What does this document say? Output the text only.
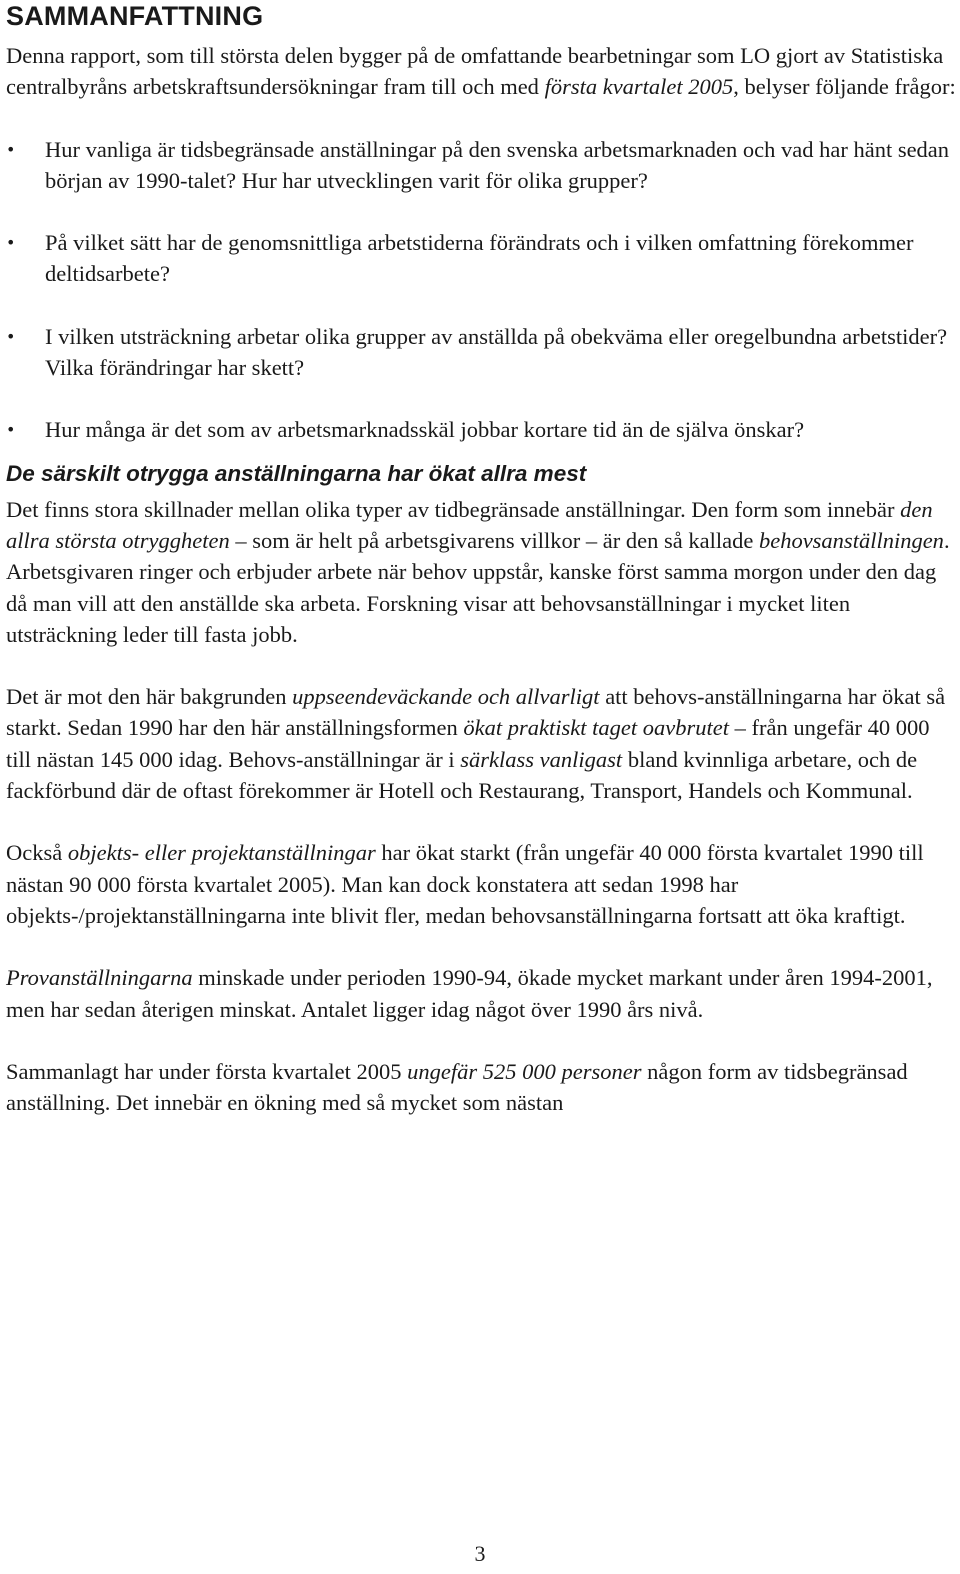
SAMMANFATTNING

Denna rapport, som till största delen bygger på de omfattande bearbetningar som LO gjort av Statistiska centralbyråns arbetskraftsundersökningar fram till och med första kvartalet 2005, belyser följande frågor:

•	Hur vanliga är tidsbegränsade anställningar på den svenska arbetsmarknaden och vad har hänt sedan början av 1990-talet? Hur har utvecklingen varit för olika grupper?
•	På vilket sätt har de genomsnittliga arbetstiderna förändrats och i vilken omfattning förekommer deltidsarbete?
•	I vilken utsträckning arbetar olika grupper av anställda på obekväma eller oregelbundna arbetstider? Vilka förändringar har skett?
•	Hur många är det som av arbetsmarknadsskäl jobbar kortare tid än de själva önskar?
De särskilt otrygga anställningarna har ökat allra mest

Det finns stora skillnader mellan olika typer av tidbegränsade anställningar. Den form som innebär den allra största otryggheten – som är helt på arbetsgivarens villkor – är den så kallade behovsanställningen. Arbetsgivaren ringer och erbjuder arbete när behov uppstår, kanske först samma morgon under den dag då man vill att den anställde ska arbeta. Forskning visar att behovsanställningar i mycket liten utsträckning leder till fasta jobb.

Det är mot den här bakgrunden uppseendeväckande och allvarligt att behovs-anställningarna har ökat så starkt. Sedan 1990 har den här anställningsformen ökat praktiskt taget oavbrutet – från ungefär 40 000 till nästan 145 000 idag. Behovs-anställningar är i särklass vanligast bland kvinnliga arbetare, och de fackförbund där de oftast förekommer är Hotell och Restaurang, Transport, Handels och Kommunal.

Också objekts- eller projektanställningar har ökat starkt (från ungefär 40 000 första kvartalet 1990 till nästan 90 000 första kvartalet 2005). Man kan dock konstatera att sedan 1998 har objekts-/projektanställningarna inte blivit fler, medan behovsanställningarna fortsatt att öka kraftigt.

Provanställningarna minskade under perioden 1990-94, ökade mycket markant under åren 1994-2001, men har sedan återigen minskat. Antalet ligger idag något över 1990 års nivå.

Sammanlagt har under första kvartalet 2005 ungefär 525 000 personer någon form av tidsbegränsad anställning. Det innebär en ökning med så mycket som nästan

3
